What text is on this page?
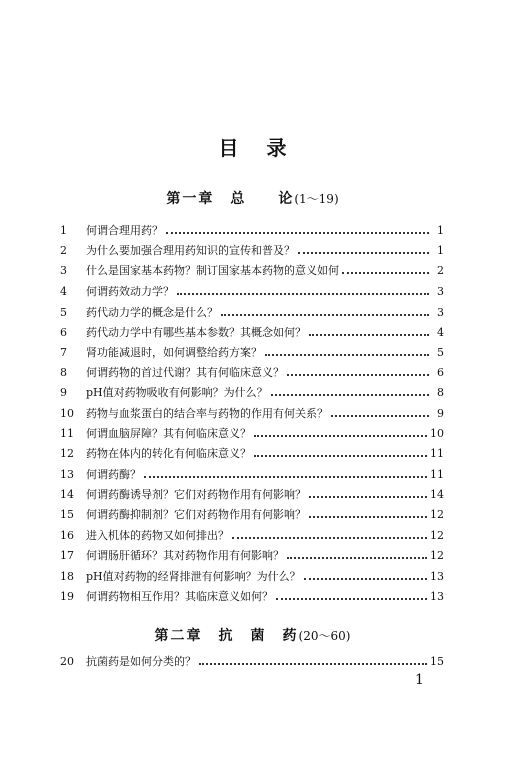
目 录
第一章　总　　论(1～19)
第二章　抗　菌　药(20～60)
1	何谓合理用药？	1
2	为什么要加强合理用药知识的宣传和普及？	1
3	什么是国家基本药物？制订国家基本药物的意义如何	2
4	何谓药效动力学？	3
5	药代动力学的概念是什么？	3
6	药代动力学中有哪些基本参数？其概念如何？	4
7	肾功能减退时，如何调整给药方案？	5
8	何谓药物的首过代谢？其有何临床意义？	6
9	pH值对药物吸收有何影响？为什么？	8
10	药物与血浆蛋白的结合率与药物的作用有何关系？	9
11	何谓血脑屏障？其有何临床意义？	10
12	药物在体内的转化有何临床意义？	11
13	何谓药酶？	11
14	何谓药酶诱导剂？它们对药物作用有何影响？	14
15	何谓药酶抑制剂？它们对药物作用有何影响？	12
16	进入机体的药物又如何排出？	12
17	何谓肠肝循环？其对药物作用有何影响？	12
18	pH值对药物的经肾排泄有何影响？为什么？	13
19	何谓药物相互作用？其临床意义如何？	13
20	抗菌药是如何分类的？	15
1
